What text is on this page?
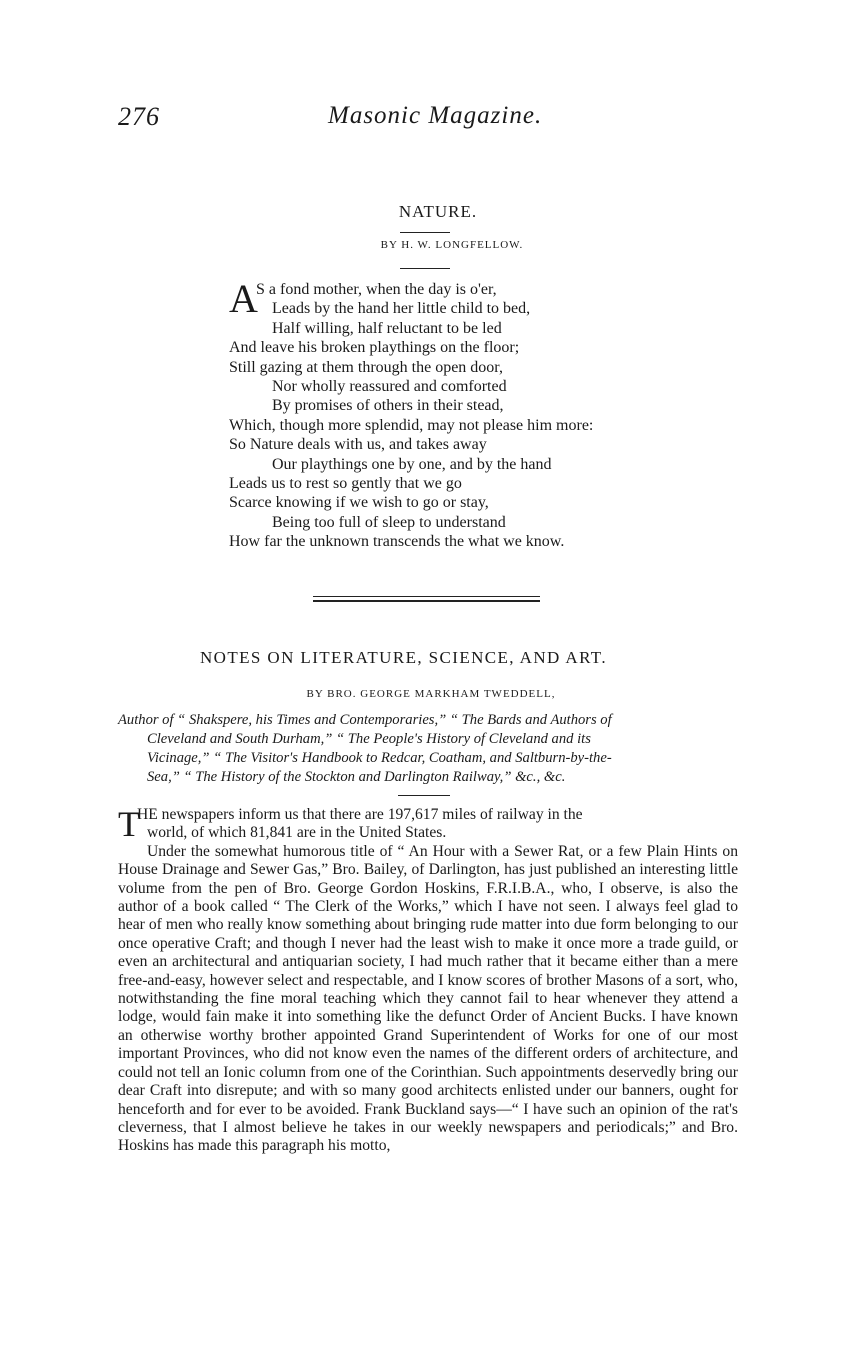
276	Masonic Magazine.
NATURE.
BY H. W. LONGFELLOW.
A
S a fond mother, when the day is o'er,
Leads by the hand her little child to bed,
Half willing, half reluctant to be led
And leave his broken playthings on the floor;
Still gazing at them through the open door,
Nor wholly reassured and comforted
By promises of others in their stead,
Which, though more splendid, may not please him more:
So Nature deals with us, and takes away
Our playthings one by one, and by the hand
Leads us to rest so gently that we go
Scarce knowing if we wish to go or stay,
Being too full of sleep to understand
How far the unknown transcends the what we know.
NOTES ON LITERATURE, SCIENCE, AND ART.
BY BRO. GEORGE MARKHAM TWEDDELL,
Author of “ Shakspere, his Times and Contemporaries,” “ The Bards and Authors of
Cleveland and South Durham,” “ The People's History of Cleveland and its
Vicinage,” “ The Visitor's Handbook to Redcar, Coatham, and Saltburn-by-the-
Sea,” “ The History of the Stockton and Darlington Railway,” &c., &c.
T
HE newspapers inform us that there are 197,617 miles of railway in the
world, of which 81,841 are in the United States.

Under the somewhat humorous title of “ An Hour with a Sewer Rat, or a few Plain Hints on House Drainage and Sewer Gas,” Bro. Bailey, of Darlington, has just published an interesting little volume from the pen of Bro. George Gordon Hoskins, F.R.I.B.A., who, I observe, is also the author of a book called “ The Clerk of the Works,” which I have not seen. I always feel glad to hear of men who really know something about bringing rude matter into due form belonging to our once operative Craft; and though I never had the least wish to make it once more a trade guild, or even an architectural and antiquarian society, I had much rather that it became either than a mere free-and-easy, however select and respectable, and I know scores of brother Masons of a sort, who, notwithstanding the fine moral teaching which they cannot fail to hear whenever they attend a lodge, would fain make it into something like the defunct Order of Ancient Bucks. I have known an otherwise worthy brother appointed Grand Superintendent of Works for one of our most important Provinces, who did not know even the names of the different orders of architecture, and could not tell an Ionic column from one of the Corinthian. Such appointments deservedly bring our dear Craft into disrepute; and with so many good architects enlisted under our banners, ought for henceforth and for ever to be avoided. Frank Buckland says—“ I have such an opinion of the rat's cleverness, that I almost believe he takes in our weekly newspapers and periodicals;” and Bro. Hoskins has made this paragraph his motto,
